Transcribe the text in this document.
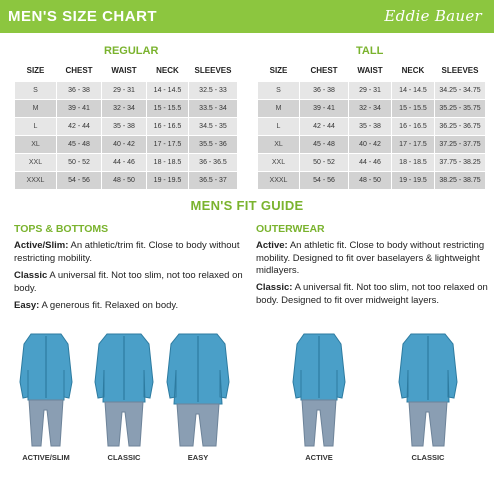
MEN'S SIZE CHART	Eddie Bauer
REGULAR	TALL
SIZE	CHEST	WAIST	NECK	SLEEVES
S	36 - 38	29 - 31	14 - 14.5	32.5 - 33
M	39 - 41	32 - 34	15 - 15.5	33.5 - 34
L	42 - 44	35 - 38	16 - 16.5	34.5 - 35
XL	45 - 48	40 - 42	17 - 17.5	35.5 - 36
XXL	50 - 52	44 - 46	18 - 18.5	36 - 36.5
XXXL	54 - 56	48 - 50	19 - 19.5	36.5 - 37
SIZE	CHEST	WAIST	NECK	SLEEVES
S	36 - 38	29 - 31	14 - 14.5	34.25 - 34.75
M	39 - 41	32 - 34	15 - 15.5	35.25 - 35.75
L	42 - 44	35 - 38	16 - 16.5	36.25 - 36.75
XL	45 - 48	40 - 42	17 - 17.5	37.25 - 37.75
XXL	50 - 52	44 - 46	18 - 18.5	37.75 - 38.25
XXXL	54 - 56	48 - 50	19 - 19.5	38.25 - 38.75
MEN'S FIT GUIDE
TOPS & BOTTOMS
Active/Slim: An athletic/trim fit. Close to body without restricting mobility.
Classic A universal fit. Not too slim, not too relaxed on body.
Easy: A generous fit. Relaxed on body.
OUTERWEAR
Active: An athletic fit. Close to body without restricting mobility. Designed to fit over baselayers & lightweight midlayers.
Classic: A universal fit. Not too slim, not too relaxed on body. Designed to fit over midweight layers.
ACTIVE/SLIM	CLASSIC	EASY	ACTIVE	CLASSIC
